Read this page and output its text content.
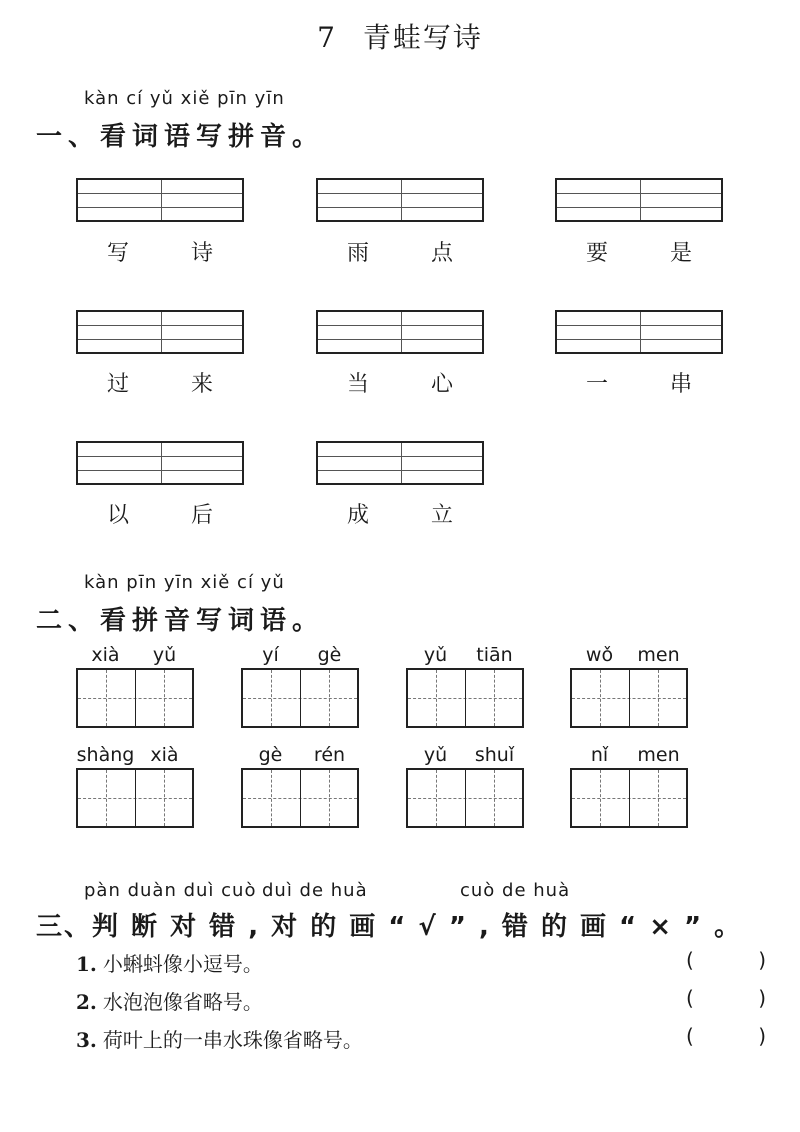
7 青蛙写诗
kàn cí yǔ xiě pīn yīn
一、看词语写拼音。
写	诗	雨	点	要	是
过	来	当	心	一	串
以	后	成	立
kàn pīn yīn xiě cí yǔ
二、看拼音写词语。
xià	yǔ	yí	gè	yǔ	tiān	wǒ	men
shàng xià	gè	rén	yǔ	shuǐ	nǐ	men
pàn duàn duì cuò duì de huà	cuò de huà
三、判 断 对 错 , 对 的 画 “ √ ” , 错 的 画 “ × ” 。
1. 小蝌蚪像小逗号。	(	)
2. 水泡泡像省略号。	(	)
3. 荷叶上的一串水珠像省略号。	(	)
